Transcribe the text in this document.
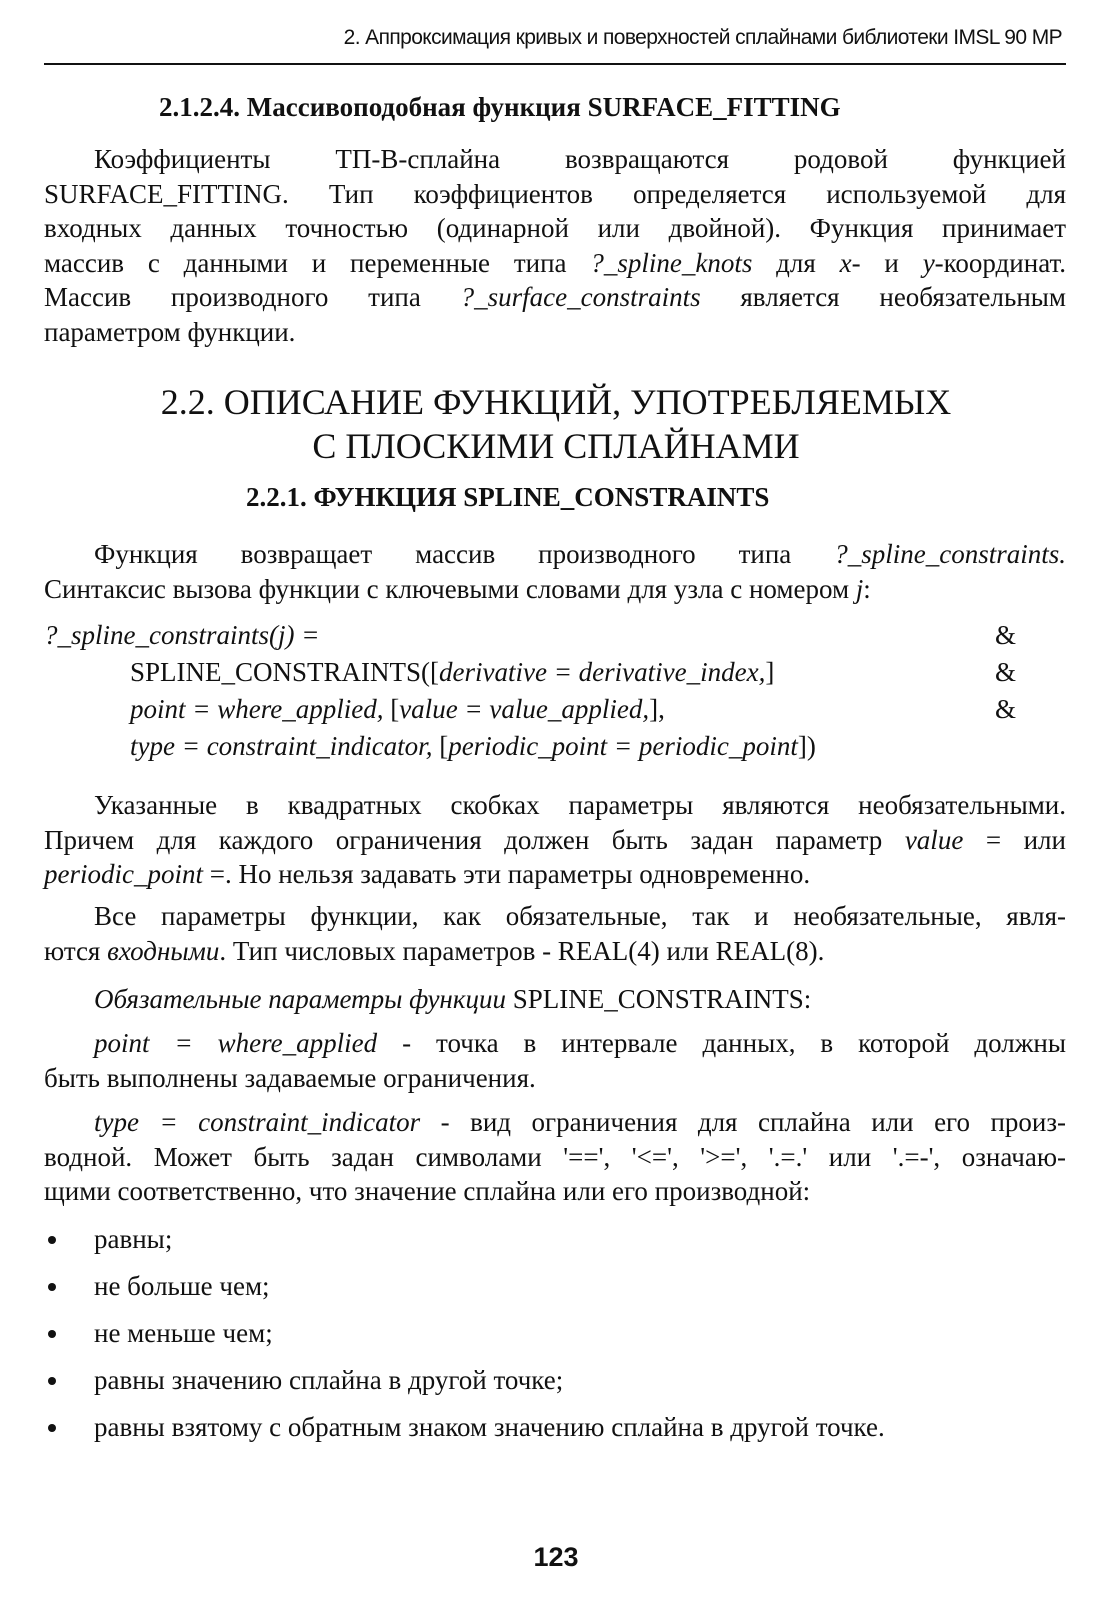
2. Аппроксимация кривых и поверхностей сплайнами библиотеки IMSL 90 MP
2.1.2.4. Массивоподобная функция SURFACE_FITTING
Коэффициенты ТП-В-сплайна возвращаются родовой функцией
SURFACE_FITTING. Тип коэффициентов определяется используемой для
входных данных точностью (одинарной или двойной). Функция принимает
массив с данными и переменные типа ?_spline_knots для x- и y-координат.
Массив производного типа ?_surface_constraints является необязательным
параметром функции.
2.2. ОПИСАНИЕ ФУНКЦИЙ, УПОТРЕБЛЯЕМЫХ
С ПЛОСКИМИ СПЛАЙНАМИ
2.2.1. ФУНКЦИЯ SPLINE_CONSTRAINTS
Функция возвращает массив производного типа ?_spline_constraints.
Синтаксис вызова функции с ключевыми словами для узла с номером j:
?_spline_constraints(j) =	&
SPLINE_CONSTRAINTS([derivative = derivative_index,]	&
point = where_applied, [value = value_applied,],	&
type = constraint_indicator, [periodic_point = periodic_point])
Указанные в квадратных скобках параметры являются необязательными.
Причем для каждого ограничения должен быть задан параметр value = или
periodic_point =. Но нельзя задавать эти параметры одновременно.
Все параметры функции, как обязательные, так и необязательные, явля-
ются входными. Тип числовых параметров - REAL(4) или REAL(8).
Обязательные параметры функции SPLINE_CONSTRAINTS:
point = where_applied - точка в интервале данных, в которой должны
быть выполнены задаваемые ограничения.
type = constraint_indicator - вид ограничения для сплайна или его произ-
водной. Может быть задан символами '==', '<=', '>=', '.=.' или '.=-', означаю-
щими соответственно, что значение сплайна или его производной:
равны;
не больше чем;
не меньше чем;
равны значению сплайна в другой точке;
равны взятому с обратным знаком значению сплайна в другой точке.
123
